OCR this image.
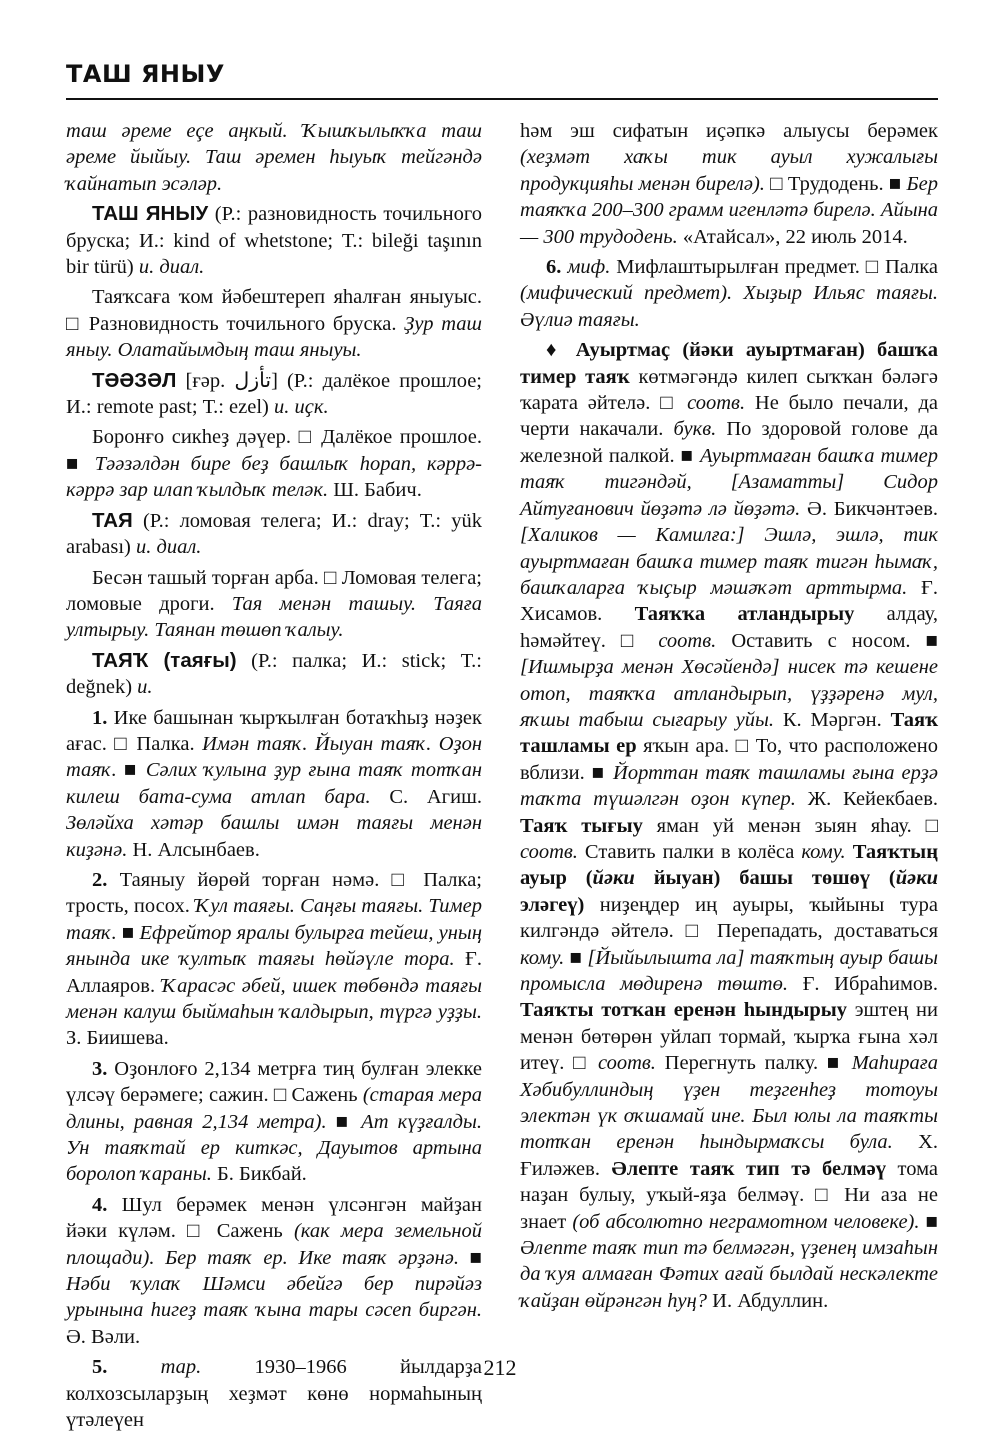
ТАШ ЯНЫУ

таш әреме еçе аңкый. Ҡышҡылыҡҡа таш әреме йыйыу. Таш әремен һыуыҡ тейгәндә ҡайнатып эсәләр.

ТАШ ЯНЫУ (Р.: разновидность точильного бруска; И.: kind of whetstone; Т.: bileği taşının bir türü) и. диал.

Таяҡсаға ҡом йәбештереп яһалған яныуыс. □ Разновидность точильного бруска. Ҙур таш яныу. Олатайымдың таш яныуы.

ТӘӘЗӘЛ [ғәр. تأزل] (Р.: далёкое прошлое; И.: remote past; Т.: ezel) и. иҫк.

Боронғо сикһеҙ дәүер. □ Далёкое прошлое. ■ Тәәзәлдән бире беҙ башлыҡ һорап, кәррә-кәррә зар илап ҡылдыҡ теләк. Ш. Бабич.

ТАЯ (Р.: ломовая телега; И.: dray; Т.: yük arabası) и. диал.

Бесән ташый торған арба. □ Ломовая телега; ломовые дроги. Тая менән ташыу. Таяға ултырыу. Таянан төшөп ҡалыу.

ТАЯҠ (таяғы) (Р.: палка; И.: stick; Т.: değnek) и.

1. Ике башынан ҡырҡылған ботаҡһыҙ нәҙек ағас. □ Палка. Имән таяҡ. Йыуан таяҡ. Оҙон таяҡ. ■ Сәлих ҡулына ҙур ғына таяҡ тотҡан килеш бата-сума атлап бара. С. Агиш. Зөләйха хәтәр башлы имән таяғы менән киҙәнә. Н. Алсынбаев.

2. Таяныу йөрөй торған нәмә. □ Палка; трость, посох. Ҡул таяғы. Саңғы таяғы. Тимер таяҡ. ■ Ефрейтор яралы булырға тейеш, уның янында ике ҡултыҡ таяғы һөйәүле тора. Ғ. Аллаяров. Ҡарасәс әбей, ишек төбөндә таяғы менән калуш быймаһын ҡалдырып, түргә уҙҙы. З. Биишева.

3. Оҙонлоғо 2,134 метрға тиң булған элекке үлсәү берәмеге; сажин. □ Сажень (старая мера длины, равная 2,134 метра). ■ Ат күҙғалды. Ун таяҡтай ер киткәс, Дауытов артына боролоп ҡараны. Б. Бикбай.

4. Шул берәмек менән үлсәнгән майҙан йәки күләм. □ Сажень (как мера земельной площади). Бер таяҡ ер. Ике таяҡ әрҙәнә. ■ Нәби ҡулаҡ Шәмси әбейгә бер пирәйәз урынына һигеҙ таяҡ ҡына тары сәсеп биргән. Ә. Вәли.

5.	тар. 1930–1966 йылдарҙа колхозсыларҙың хеҙмәт көнө нормаһының үтәлеүен

һәм эш сифатын иҫәпкә алыусы берәмек (хеҙмәт хаҡы тик ауыл хужалығы продукцияһы менән бирелә). □ Трудодень. ■ Бер таяҡҡа 200–300 грамм игенләтә бирелә. Айына — 300 трудодень. «Атайсал», 22 июль 2014.

6. миф. Мифлаштырылған предмет. □ Палка (мифический предмет). Хыҙыр Ильяс таяғы. Әүлиә таяғы.

♦ Ауыртмаҫ (йәки ауыртмаған) башҡа тимер таяҡ көтмәгәндә килеп сыҡҡан бәләгә ҡарата әйтелә. □ соотв. Не было печали, да черти накачали. букв. По здоровой голове да железной палкой. ■ Ауыртмаған башҡа тимер таяҡ тигәндәй, [Азаматты] Сидор Айтуғанович йөҙәтә лә йөҙәтә. Ә. Бикчәнтәев. [Халиков — Камилға:] Эшлә, эшлә, тик ауыртмаған башҡа тимер таяҡ тигән һымаҡ, башҡаларға ҡыҫыр мәшәҡәт арттырма. Ғ. Хисамов. Таяҡҡа атландырыу алдау, һәмәйтеү. □ соотв. Оставить с носом. ■ [Ишмырҙа менән Хөсәйендә] нисек тә кешене отоп, таяҡҡа атландырып, үҙҙәренә мул, яҡшы табыш сығарыу уйы. К. Мәргән. Таяҡ ташламы ер яҡын ара. □ То, что расположено вблизи. ■ Йорттан таяҡ ташламы ғына ерҙә таҡта түшәлгән оҙон күпер. Ж. Кейекбаев. Таяҡ тығыу яман уй менән зыян яһау. □ соотв. Ставить палки в колёса кому. Таяҡтың ауыр (йәки йыуан) башы төшөү (йәки эләгеү) ниҙеңдер иң ауыры, ҡыйыны тура килгәндә әйтелә. □ Перепадать, доставаться кому. ■ [Йыйылышта ла] таяҡтың ауыр башы промысла мөдиренә төштө. Ғ. Ибраһимов. Таяҡты тотҡан еренән һындырыу эштең ни менән бөтөрөн уйлап тормай, ҡырҡа ғына хәл итеү. □ соотв. Перегнуть палку. ■ Маһираға Хәбибуллиндың үҙен теҙгенһеҙ тотоуы электән үк оҡшамай ине. Был юлы ла таяҡты тотҡан еренән һындырмаҡсы була. Х. Ғиләжев. Әлепте таяҡ тип тә белмәү тома наҙан булыу, уҡый-яҙа белмәү. □ Ни аза не знает (об абсолютно неграмотном человеке). ■ Әлепте таяҡ тип тә белмәгән, үҙенең имзаһын да ҡуя алмаған Фәтих ағай былдай нескәлекте ҡайҙан өйрәнгән һуң? И. Абдуллин.

212
